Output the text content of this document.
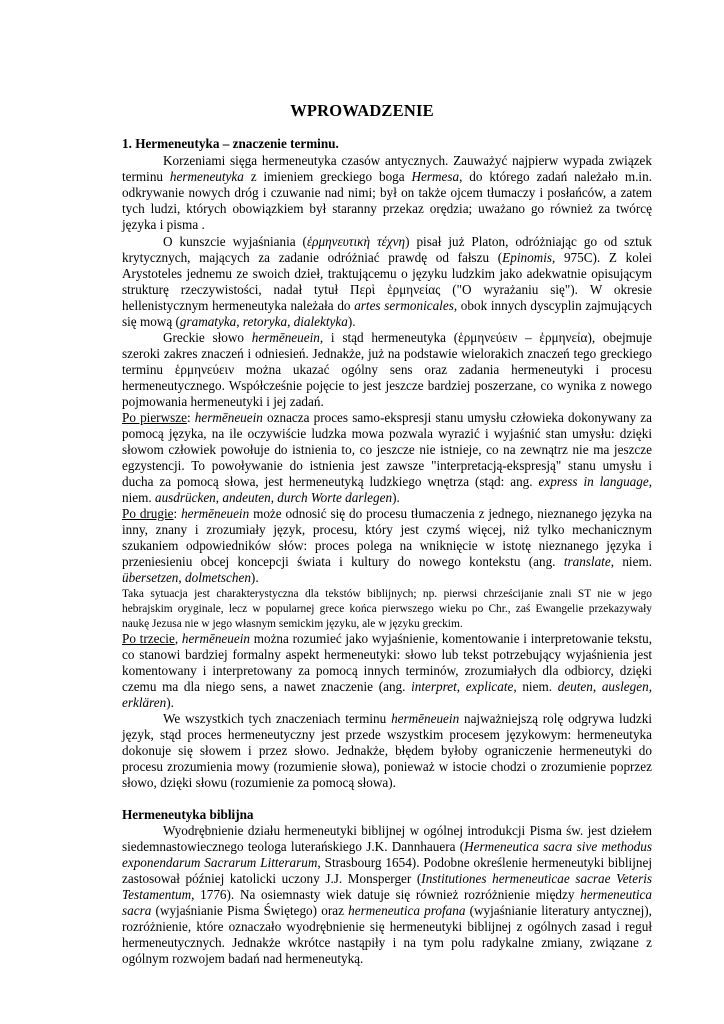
WPROWADZENIE
1. Hermeneutyka – znaczenie terminu.
Korzeniami sięga hermeneutyka czasów antycznych. Zauważyć najpierw wypada związek
terminu hermeneutyka z imieniem greckiego boga Hermesa, do którego zadań należało m.in.
odkrywanie nowych dróg i czuwanie nad nimi; był on także ojcem tłumaczy i posłańców, a zatem
tych ludzi, których obowiązkiem był staranny przekaz orędzia; uważano go również za twórcę
języka i pisma .
O kunszcie wyjaśniania (ἑρμηνευτικὴ τέχνη) pisał już Platon, odróżniając go od sztuk
krytycznych, mających za zadanie odróżniać prawdę od fałszu (Epinomis, 975C). Z kolei
Arystoteles jednemu ze swoich dzieł, traktującemu o języku ludzkim jako adekwatnie opisującym
strukturę rzeczywistości, nadał tytuł Περὶ ἑρμηνείας ("O wyrażaniu się"). W okresie
hellenistycznym hermeneutyka należała do artes sermonicales, obok innych dyscyplin zajmujących
się mową (gramatyka, retoryka, dialektyka).
Greckie słowo hermēneuein, i stąd hermeneutyka (ἑρμηνεύειν – ἑρμηνεία), obejmuje
szeroki zakres znaczeń i odniesień. Jednakże, już na podstawie wielorakich znaczeń tego greckiego
terminu ἑρμηνεύειν można ukazać ogólny sens oraz zadania hermeneutyki i procesu
hermeneutycznego. Współcześnie pojęcie to jest jeszcze bardziej poszerzane, co wynika z nowego
pojmowania hermeneutyki i jej zadań.
Po pierwsze: hermēneuein oznacza proces samo-ekspresji stanu umysłu człowieka dokonywany za
pomocą języka, na ile oczywiście ludzka mowa pozwala wyrazić i wyjaśnić stan umysłu: dzięki
słowom człowiek powołuje do istnienia to, co jeszcze nie istnieje, co na zewnątrz nie ma jeszcze
egzystencji. To powoływanie do istnienia jest zawsze "interpretacją-ekspresją" stanu umysłu i
ducha za pomocą słowa, jest hermeneutyką ludzkiego wnętrza (stąd: ang. express in language,
niem. ausdrücken, andeuten, durch Worte darlegen).
Po drugie: hermēneuein może odnosić się do procesu tłumaczenia z jednego, nieznanego języka na
inny, znany i zrozumiały język, procesu, który jest czymś więcej, niż tylko mechanicznym
szukaniem odpowiedników słów: proces polega na wniknięcie w istotę nieznanego języka i
przeniesieniu obcej koncepcji świata i kultury do nowego kontekstu (ang. translate, niem.
übersetzen, dolmetschen).
Taka sytuacja jest charakterystyczna dla tekstów biblijnych; np. pierwsi chrześcijanie znali ST nie w jego
hebrajskim oryginale, lecz w popularnej grece końca pierwszego wieku po Chr., zaś Ewangelie przekazywały
naukę Jezusa nie w jego własnym semickim języku, ale w języku greckim.
Po trzecie, hermēneuein można rozumieć jako wyjaśnienie, komentowanie i interpretowanie tekstu,
co stanowi bardziej formalny aspekt hermeneutyki: słowo lub tekst potrzebujący wyjaśnienia jest
komentowany i interpretowany za pomocą innych terminów, zrozumiałych dla odbiorcy, dzięki
czemu ma dla niego sens, a nawet znaczenie (ang. interpret, explicate, niem. deuten, auslegen,
erklären).
We wszystkich tych znaczeniach terminu hermēneuein najważniejszą rolę odgrywa ludzki
język, stąd proces hermeneutyczny jest przede wszystkim procesem językowym: hermeneutyka
dokonuje się słowem i przez słowo. Jednakże, błędem byłoby ograniczenie hermeneutyki do
procesu zrozumienia mowy (rozumienie słowa), ponieważ w istocie chodzi o zrozumienie poprzez
słowo, dzięki słowu (rozumienie za pomocą słowa).
Hermeneutyka biblijna
Wyodrębnienie działu hermeneutyki biblijnej w ogólnej introdukcji Pisma św. jest dziełem
siedemnastowiecznego teologa luterańskiego J.K. Dannhauera (Hermeneutica sacra sive methodus
exponendarum Sacrarum Litterarum, Strasbourg 1654). Podobne określenie hermeneutyki biblijnej
zastosował później katolicki uczony J.J. Monsperger (Institutiones hermeneuticae sacrae Veteris
Testamentum, 1776). Na osiemnasty wiek datuje się również rozróżnienie między hermeneutica
sacra (wyjaśnianie Pisma Świętego) oraz hermeneutica profana (wyjaśnianie literatury antycznej),
rozróżnienie, które oznaczało wyodrębnienie się hermeneutyki biblijnej z ogólnych zasad i reguł
hermeneutycznych. Jednakże wkrótce nastąpiły i na tym polu radykalne zmiany, związane z
ogólnym rozwojem badań nad hermeneutyką.
